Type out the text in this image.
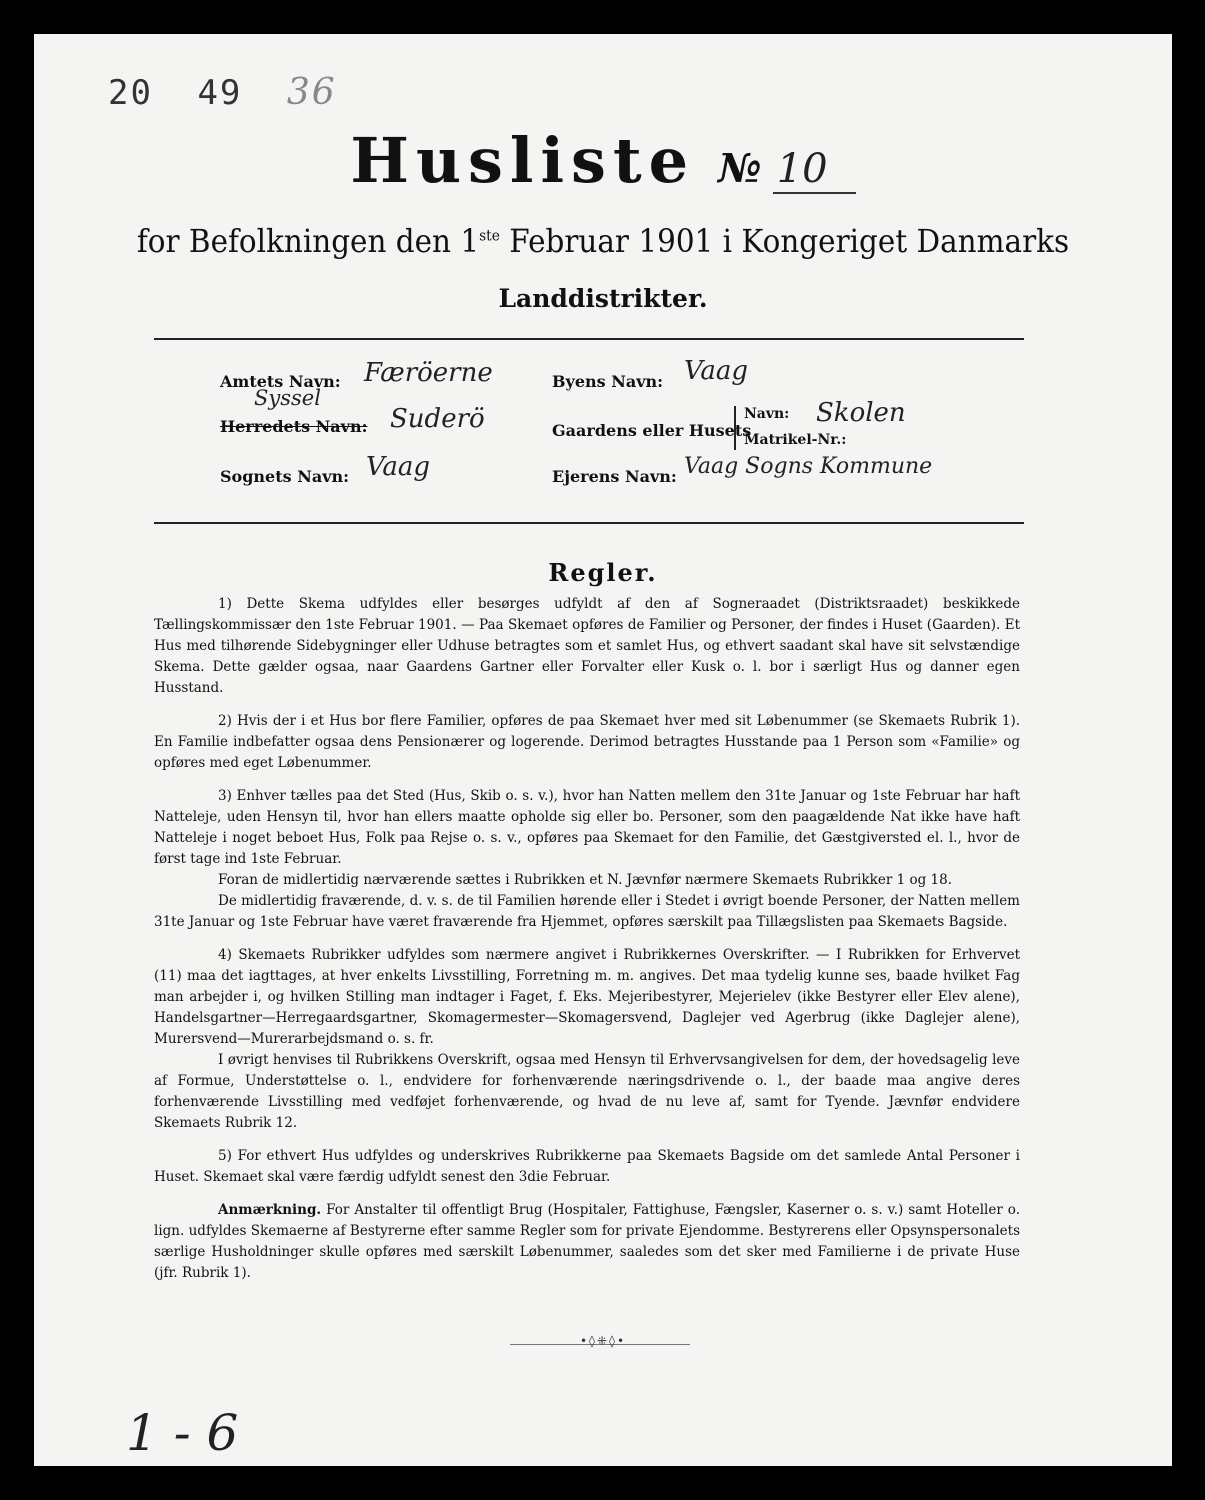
20 49 36
Husliste № 10
for Befolkningen den 1ste Februar 1901 i Kongeriget Danmarks
Landdistrikter.
Amtets Navn: Færöerne
Syssel
Herredets Navn: Suderö
Sognets Navn: Vaag
Byens Navn: Vaag
Gaardens eller Husets
Navn: Skolen
Matrikel-Nr.:
Ejerens Navn: Vaag Sogns Kommune
Regler.

1) Dette Skema udfyldes eller besørges udfyldt af den af Sogneraadet (Distriktsraadet) beskikkede Tællingskommissær den 1ste Februar 1901. — Paa Skemaet opføres de Familier og Personer, der findes i Huset (Gaarden). Et Hus med tilhørende Sidebygninger eller Udhuse betragtes som et samlet Hus, og ethvert saadant skal have sit selvstændige Skema. Dette gælder ogsaa, naar Gaardens Gartner eller Forvalter eller Kusk o. l. bor i særligt Hus og danner egen Husstand.

2) Hvis der i et Hus bor flere Familier, opføres de paa Skemaet hver med sit Løbenummer (se Skemaets Rubrik 1). En Familie indbefatter ogsaa dens Pensionærer og logerende. Derimod betragtes Husstande paa 1 Person som «Familie» og opføres med eget Løbenummer.

3) Enhver tælles paa det Sted (Hus, Skib o. s. v.), hvor han Natten mellem den 31te Januar og 1ste Februar har haft Natteleje, uden Hensyn til, hvor han ellers maatte opholde sig eller bo. Personer, som den paagældende Nat ikke have haft Natteleje i noget beboet Hus, Folk paa Rejse o. s. v., opføres paa Skemaet for den Familie, det Gæstgiversted el. l., hvor de først tage ind 1ste Februar.

Foran de midlertidig nærværende sættes i Rubrikken et N. Jævnfør nærmere Skemaets Rubrikker 1 og 18.

De midlertidig fraværende, d. v. s. de til Familien hørende eller i Stedet i øvrigt boende Personer, der Natten mellem 31te Januar og 1ste Februar have været fraværende fra Hjemmet, opføres særskilt paa Tillægslisten paa Skemaets Bagside.

4) Skemaets Rubrikker udfyldes som nærmere angivet i Rubrikkernes Overskrifter. — I Rubrikken for Erhvervet (11) maa det iagttages, at hver enkelts Livsstilling, Forretning m. m. angives. Det maa tydelig kunne ses, baade hvilket Fag man arbejder i, og hvilken Stilling man indtager i Faget, f. Eks. Mejeribestyrer, Mejerielev (ikke Bestyrer eller Elev alene), Handelsgartner—Herregaardsgartner, Skomagermester—Skomagersvend, Daglejer ved Agerbrug (ikke Daglejer alene), Murersvend—Murerarbejdsmand o. s. fr.

I øvrigt henvises til Rubrikkens Overskrift, ogsaa med Hensyn til Erhvervsangivelsen for dem, der hovedsagelig leve af Formue, Understøttelse o. l., endvidere for forhenværende næringsdrivende o. l., der baade maa angive deres forhenværende Livsstilling med vedføjet forhenværende, og hvad de nu leve af, samt for Tyende. Jævnfør endvidere Skemaets Rubrik 12.

5) For ethvert Hus udfyldes og underskrives Rubrikkerne paa Skemaets Bagside om det samlede Antal Personer i Huset. Skemaet skal være færdig udfyldt senest den 3die Februar.

Anmærkning. For Anstalter til offentligt Brug (Hospitaler, Fattighuse, Fængsler, Kaserner o. s. v.) samt Hoteller o. lign. udfyldes Skemaerne af Bestyrerne efter samme Regler som for private Ejendomme. Bestyrerens eller Opsynspersonalets særlige Husholdninger skulle opføres med særskilt Løbenummer, saaledes som det sker med Familierne i de private Huse (jfr. Rubrik 1).

•◊⁜◊•
1 - 6
